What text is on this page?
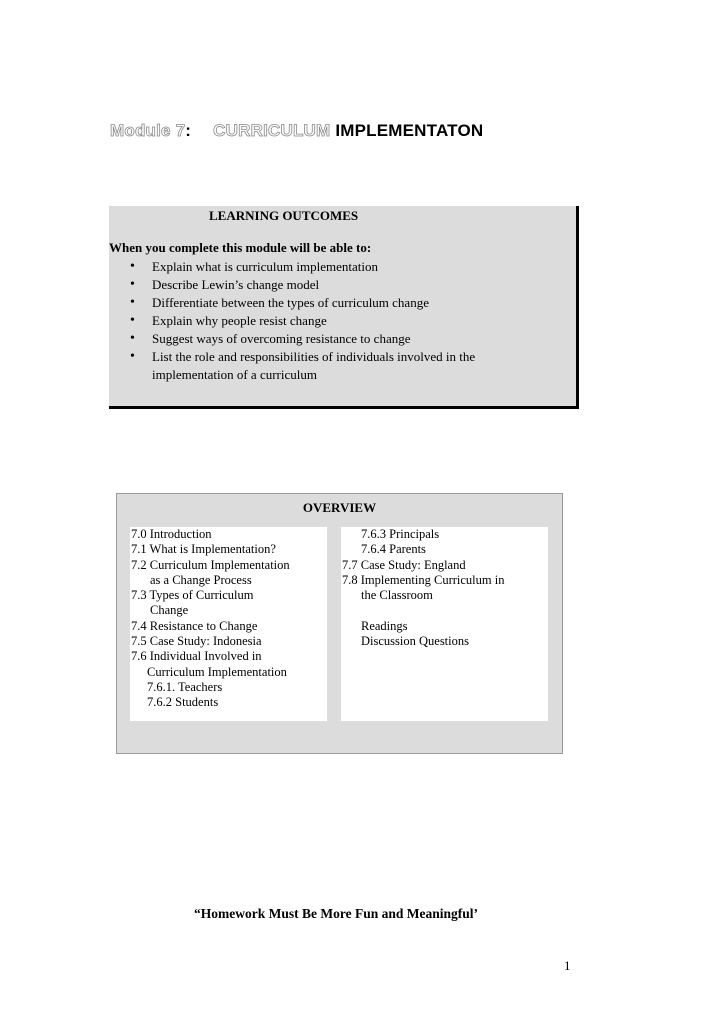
Module 7: CURRICULUM IMPLEMENTATON
LEARNING OUTCOMES
When you complete this module will be able to:
• Explain what is curriculum implementation
• Describe Lewin’s change model
• Differentiate between the types of curriculum change
• Explain why people resist change
• Suggest ways of overcoming resistance to change
• List the role and responsibilities of individuals involved in the implementation of a curriculum
OVERVIEW
7.0 Introduction
7.1 What is Implementation?
7.2 Curriculum Implementation
as a Change Process
7.3 Types of Curriculum
Change
7.4 Resistance to Change
7.5 Case Study: Indonesia
7.6 Individual Involved in
Curriculum Implementation
7.6.1. Teachers
7.6.2 Students
7.6.3 Principals
7.6.4 Parents
7.7 Case Study: England
7.8 Implementing Curriculum in
the Classroom
Readings
Discussion Questions
“Homework Must Be More Fun and Meaningful’
1
